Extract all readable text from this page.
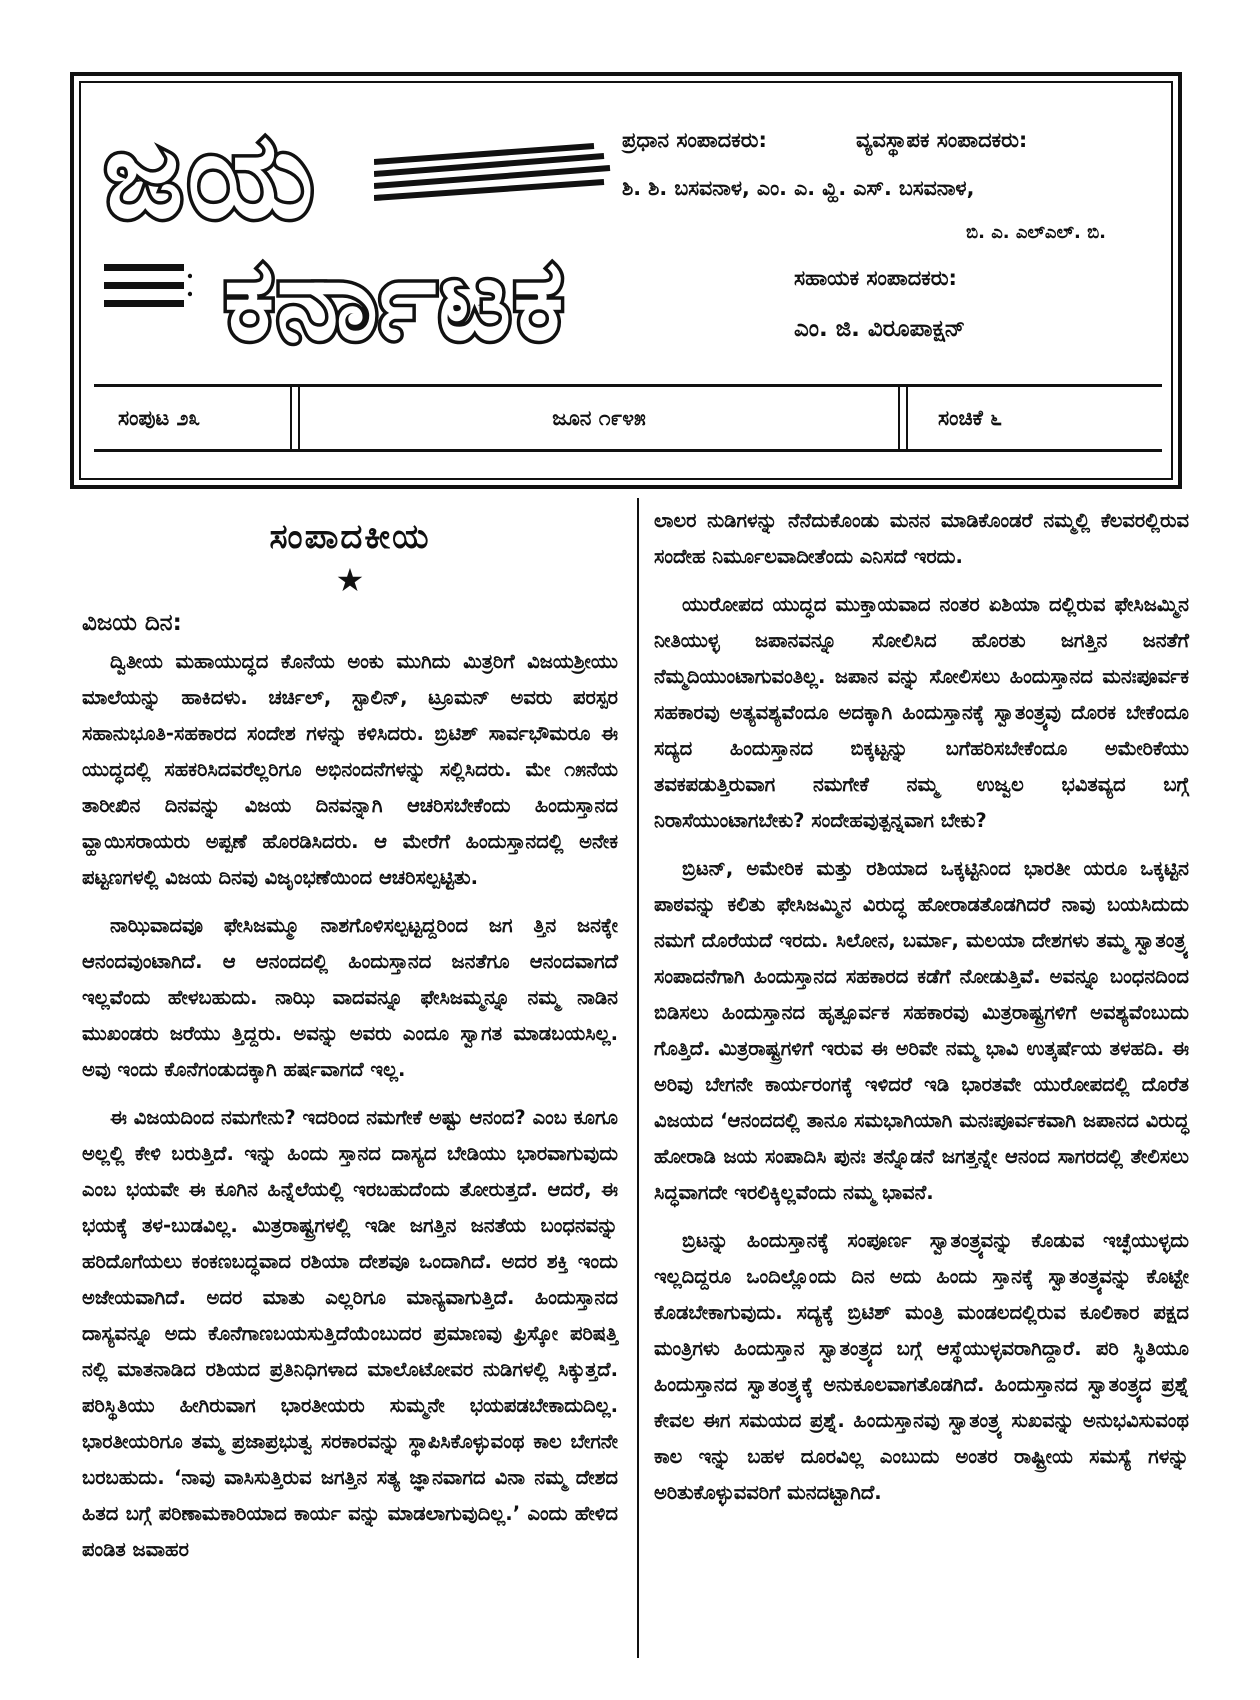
ಜಯ
ಕರ್ನಾಟಕ
ಪ್ರಧಾನ ಸಂಪಾದಕರು:	ವ್ಯವಸ್ಥಾಪಕ ಸಂಪಾದಕರು:
ಶಿ. ಶಿ. ಬಸವನಾಳ, ಎಂ. ಎ. ವ್ಹಿ. ಎಸ್. ಬಸವನಾಳ,
ಬಿ. ಎ. ಎಲ್‌ಎಲ್. ಬಿ.
ಸಹಾಯಕ ಸಂಪಾದಕರು:
ಎಂ. ಜಿ. ವಿರೂಪಾಕ್ಷನ್
ಸಂಪುಟ ೨೩	ಜೂನ ೧೯೪೫	ಸಂಚಿಕೆ ೬
ಸಂಪಾದಕೀಯ
★
ವಿಜಯ ದಿನ:

ದ್ವಿತೀಯ ಮಹಾಯುದ್ಧದ ಕೊನೆಯ ಅಂಕು ಮುಗಿದು ಮಿತ್ರರಿಗೆ ವಿಜಯಶ್ರೀಯು ಮಾಲೆಯನ್ನು ಹಾಕಿದಳು. ಚರ್ಚಿಲ್, ಸ್ಟಾಲಿನ್, ಟ್ರೂಮನ್ ಅವರು ಪರಸ್ಪರ ಸಹಾನುಭೂತಿ-ಸಹಕಾರದ ಸಂದೇಶ ಗಳನ್ನು ಕಳಿಸಿದರು. ಬ್ರಿಟಿಶ್ ಸಾರ್ವಭೌಮರೂ ಈ ಯುದ್ಧದಲ್ಲಿ ಸಹಕರಿಸಿದವರೆಲ್ಲರಿಗೂ ಅಭಿನಂದನೆಗಳನ್ನು ಸಲ್ಲಿಸಿದರು. ಮೇ ೧೫ನೆಯ ತಾರೀಖಿನ ದಿನವನ್ನು ವಿಜಯ ದಿನವನ್ನಾಗಿ ಆಚರಿಸಬೇಕೆಂದು ಹಿಂದುಸ್ತಾನದ ವ್ಹಾಯಿಸರಾಯರು ಅಪ್ಪಣೆ ಹೊರಡಿಸಿದರು. ಆ ಮೇರೆಗೆ ಹಿಂದುಸ್ತಾನದಲ್ಲಿ ಅನೇಕ ಪಟ್ಟಣಗಳಲ್ಲಿ ವಿಜಯ ದಿನವು ವಿಜೃಂಭಣೆಯಿಂದ ಆಚರಿಸಲ್ಪಟ್ಟಿತು.

ನಾಝಿವಾದವೂ ಫೇಸಿಜಮ್ಮೂ ನಾಶಗೊಳಿಸಲ್ಪಟ್ಟದ್ದರಿಂದ ಜಗ ತ್ತಿನ ಜನಕ್ಕೇ ಆನಂದವುಂಟಾಗಿದೆ. ಆ ಆನಂದದಲ್ಲಿ ಹಿಂದುಸ್ತಾನದ ಜನತೆಗೂ ಆನಂದವಾಗದೆ ಇಲ್ಲವೆಂದು ಹೇಳಬಹುದು. ನಾಝಿ ವಾದವನ್ನೂ ಫೇಸಿಜಮ್ಮನ್ನೂ ನಮ್ಮ ನಾಡಿನ ಮುಖಂಡರು ಜರೆಯು ತ್ತಿದ್ದರು. ಅವನ್ನು ಅವರು ಎಂದೂ ಸ್ವಾಗತ ಮಾಡಬಯಸಿಲ್ಲ. ಅವು ಇಂದು ಕೊನೆಗಂಡುದಕ್ಕಾಗಿ ಹರ್ಷವಾಗದೆ ಇಲ್ಲ.

ಈ ವಿಜಯದಿಂದ ನಮಗೇನು? ಇದರಿಂದ ನಮಗೇಕೆ ಅಷ್ಟು ಆನಂದ? ಎಂಬ ಕೂಗೂ ಅಲ್ಲಲ್ಲಿ ಕೇಳಿ ಬರುತ್ತಿದೆ. ಇನ್ನು ಹಿಂದು ಸ್ತಾನದ ದಾಸ್ಯದ ಬೇಡಿಯು ಭಾರವಾಗುವುದು ಎಂಬ ಭಯವೇ ಈ ಕೂಗಿನ ಹಿನ್ನೆಲೆಯಲ್ಲಿ ಇರಬಹುದೆಂದು ತೋರುತ್ತದೆ. ಆದರೆ, ಈ ಭಯಕ್ಕೆ ತಳ-ಬುಡವಿಲ್ಲ. ಮಿತ್ರರಾಷ್ಟ್ರಗಳಲ್ಲಿ ಇಡೀ ಜಗತ್ತಿನ ಜನತೆಯ ಬಂಧನವನ್ನು ಹರಿದೊಗೆಯಲು ಕಂಕಣಬದ್ಧವಾದ ರಶಿಯಾ ದೇಶವೂ ಒಂದಾಗಿದೆ. ಅದರ ಶಕ್ತಿ ಇಂದು ಅಜೇಯವಾಗಿದೆ. ಅದರ ಮಾತು ಎಲ್ಲರಿಗೂ ಮಾನ್ಯವಾಗುತ್ತಿದೆ. ಹಿಂದುಸ್ತಾನದ ದಾಸ್ಯವನ್ನೂ ಅದು ಕೊನೆಗಾಣಬಯಸುತ್ತಿದೆಯೆಂಬುದರ ಪ್ರಮಾಣವು ಫ್ರಿಸ್ಕೋ ಪರಿಷತ್ತಿ ನಲ್ಲಿ ಮಾತನಾಡಿದ ರಶಿಯದ ಪ್ರತಿನಿಧಿಗಳಾದ ಮಾಲೊಟೋವರ ನುಡಿಗಳಲ್ಲಿ ಸಿಕ್ಕುತ್ತದೆ. ಪರಿಸ್ಥಿತಿಯು ಹೀಗಿರುವಾಗ ಭಾರತೀಯರು ಸುಮ್ಮನೇ ಭಯಪಡಬೇಕಾದುದಿಲ್ಲ. ಭಾರತೀಯರಿಗೂ ತಮ್ಮ ಪ್ರಜಾಪ್ರಭುತ್ವ ಸರಕಾರವನ್ನು ಸ್ಥಾಪಿಸಿಕೊಳ್ಳುವಂಥ ಕಾಲ ಬೇಗನೇ ಬರಬಹುದು. ‘ನಾವು ವಾಸಿಸುತ್ತಿರುವ ಜಗತ್ತಿನ ಸತ್ಯ ಜ್ಞಾನವಾಗದ ವಿನಾ ನಮ್ಮ ದೇಶದ ಹಿತದ ಬಗ್ಗೆ ಪರಿಣಾಮಕಾರಿಯಾದ ಕಾರ್ಯ ವನ್ನು ಮಾಡಲಾಗುವುದಿಲ್ಲ.’ ಎಂದು ಹೇಳಿದ ಪಂಡಿತ ಜವಾಹರ

ಲಾಲರ ನುಡಿಗಳನ್ನು ನೆನೆದುಕೊಂಡು ಮನನ ಮಾಡಿಕೊಂಡರೆ ನಮ್ಮಲ್ಲಿ ಕೆಲವರಲ್ಲಿರುವ ಸಂದೇಹ ನಿರ್ಮೂಲವಾದೀತೆಂದು ಎನಿಸದೆ ಇರದು.

ಯುರೋಪದ ಯುದ್ಧದ ಮುಕ್ತಾಯವಾದ ನಂತರ ಏಶಿಯಾ ದಲ್ಲಿರುವ ಫೇಸಿಜಮ್ಮಿನ ನೀತಿಯುಳ್ಳ ಜಪಾನವನ್ನೂ ಸೋಲಿಸಿದ ಹೊರತು ಜಗತ್ತಿನ ಜನತೆಗೆ ನೆಮ್ಮದಿಯುಂಟಾಗುವಂತಿಲ್ಲ. ಜಪಾನ ವನ್ನು ಸೋಲಿಸಲು ಹಿಂದುಸ್ತಾನದ ಮನಃಪೂರ್ವಕ ಸಹಕಾರವು ಅತ್ಯವಶ್ಯವೆಂದೂ ಅದಕ್ಕಾಗಿ ಹಿಂದುಸ್ತಾನಕ್ಕೆ ಸ್ವಾತಂತ್ರ್ಯವು ದೊರಕ ಬೇಕೆಂದೂ ಸದ್ಯದ ಹಿಂದುಸ್ತಾನದ ಬಿಕ್ಕಟ್ಟನ್ನು ಬಗೆಹರಿಸಬೇಕೆಂದೂ ಅಮೇರಿಕೆಯು ತವಕಪಡುತ್ತಿರುವಾಗ ನಮಗೇಕೆ ನಮ್ಮ ಉಜ್ವಲ ಭವಿತವ್ಯದ ಬಗ್ಗೆ ನಿರಾಸೆಯುಂಟಾಗಬೇಕು? ಸಂದೇಹವುತ್ಪನ್ನವಾಗ ಬೇಕು?

ಬ್ರಿಟನ್, ಅಮೇರಿಕ ಮತ್ತು ರಶಿಯಾದ ಒಕ್ಕಟ್ಟಿನಿಂದ ಭಾರತೀ ಯರೂ ಒಕ್ಕಟ್ಟಿನ ಪಾಠವನ್ನು ಕಲಿತು ಫೇಸಿಜಮ್ಮಿನ ವಿರುದ್ಧ ಹೋರಾಡತೊಡಗಿದರೆ ನಾವು ಬಯಸಿದುದು ನಮಗೆ ದೊರೆಯದೆ ಇರದು. ಸಿಲೋನ, ಬರ್ಮಾ, ಮಲಯಾ ದೇಶಗಳು ತಮ್ಮ ಸ್ವಾತಂತ್ರ್ಯ ಸಂಪಾದನೆಗಾಗಿ ಹಿಂದುಸ್ತಾನದ ಸಹಕಾರದ ಕಡೆಗೆ ನೋಡುತ್ತಿವೆ. ಅವನ್ನೂ ಬಂಧನದಿಂದ ಬಿಡಿಸಲು ಹಿಂದುಸ್ತಾನದ ಹೃತ್ಪೂರ್ವಕ ಸಹಕಾರವು ಮಿತ್ರರಾಷ್ಟ್ರಗಳಿಗೆ ಅವಶ್ಯವೆಂಬುದು ಗೊತ್ತಿದೆ. ಮಿತ್ರರಾಷ್ಟ್ರಗಳಿಗೆ ಇರುವ ಈ ಅರಿವೇ ನಮ್ಮ ಭಾವಿ ಉತ್ಕರ್ಷೆಯ ತಳಹದಿ. ಈ ಅರಿವು ಬೇಗನೇ ಕಾರ್ಯರಂಗಕ್ಕೆ ಇಳಿದರೆ ಇಡಿ ಭಾರತವೇ ಯುರೋಪದಲ್ಲಿ ದೊರೆತ ವಿಜಯದ ‘ಆನಂದದಲ್ಲಿ ತಾನೂ ಸಮಭಾಗಿಯಾಗಿ ಮನಃಪೂರ್ವಕವಾಗಿ ಜಪಾನದ ವಿರುದ್ಧ ಹೋರಾಡಿ ಜಯ ಸಂಪಾದಿಸಿ ಪುನಃ ತನ್ನೊಡನೆ ಜಗತ್ತನ್ನೇ ಆನಂದ ಸಾಗರದಲ್ಲಿ ತೇಲಿಸಲು ಸಿದ್ಧವಾಗದೇ ಇರಲಿಕ್ಕಿಲ್ಲವೆಂದು ನಮ್ಮ ಭಾವನೆ.

ಬ್ರಿಟನ್ನು ಹಿಂದುಸ್ತಾನಕ್ಕೆ ಸಂಪೂರ್ಣ ಸ್ವಾತಂತ್ರ್ಯವನ್ನು ಕೊಡುವ ಇಚ್ಛೆಯುಳ್ಳದು ಇಲ್ಲದಿದ್ದರೂ ಒಂದಿಲ್ಲೊಂದು ದಿನ ಅದು ಹಿಂದು ಸ್ತಾನಕ್ಕೆ ಸ್ವಾತಂತ್ರ್ಯವನ್ನು ಕೊಟ್ಟೇ ಕೊಡಬೇಕಾಗುವುದು. ಸದ್ಯಕ್ಕೆ ಬ್ರಿಟಿಶ್ ಮಂತ್ರಿ ಮಂಡಲದಲ್ಲಿರುವ ಕೂಲಿಕಾರ ಪಕ್ಷದ ಮಂತ್ರಿಗಳು ಹಿಂದುಸ್ತಾನ ಸ್ವಾತಂತ್ರ್ಯದ ಬಗ್ಗೆ ಆಸ್ಥೆಯುಳ್ಳವರಾಗಿದ್ದಾರೆ. ಪರಿ ಸ್ಥಿತಿಯೂ ಹಿಂದುಸ್ತಾನದ ಸ್ವಾತಂತ್ರ್ಯಕ್ಕೆ ಅನುಕೂಲವಾಗತೊಡಗಿದೆ. ಹಿಂದುಸ್ತಾನದ ಸ್ವಾತಂತ್ರ್ಯದ ಪ್ರಶ್ನೆ ಕೇವಲ ಈಗ ಸಮಯದ ಪ್ರಶ್ನೆ. ಹಿಂದುಸ್ತಾನವು ಸ್ವಾತಂತ್ರ್ಯ ಸುಖವನ್ನು ಅನುಭವಿಸುವಂಥ ಕಾಲ ಇನ್ನು ಬಹಳ ದೂರವಿಲ್ಲ ಎಂಬುದು ಅಂತರ ರಾಷ್ಟ್ರೀಯ ಸಮಸ್ಯೆ ಗಳನ್ನು ಅರಿತುಕೊಳ್ಳುವವರಿಗೆ ಮನದಟ್ಟಾಗಿದೆ.
